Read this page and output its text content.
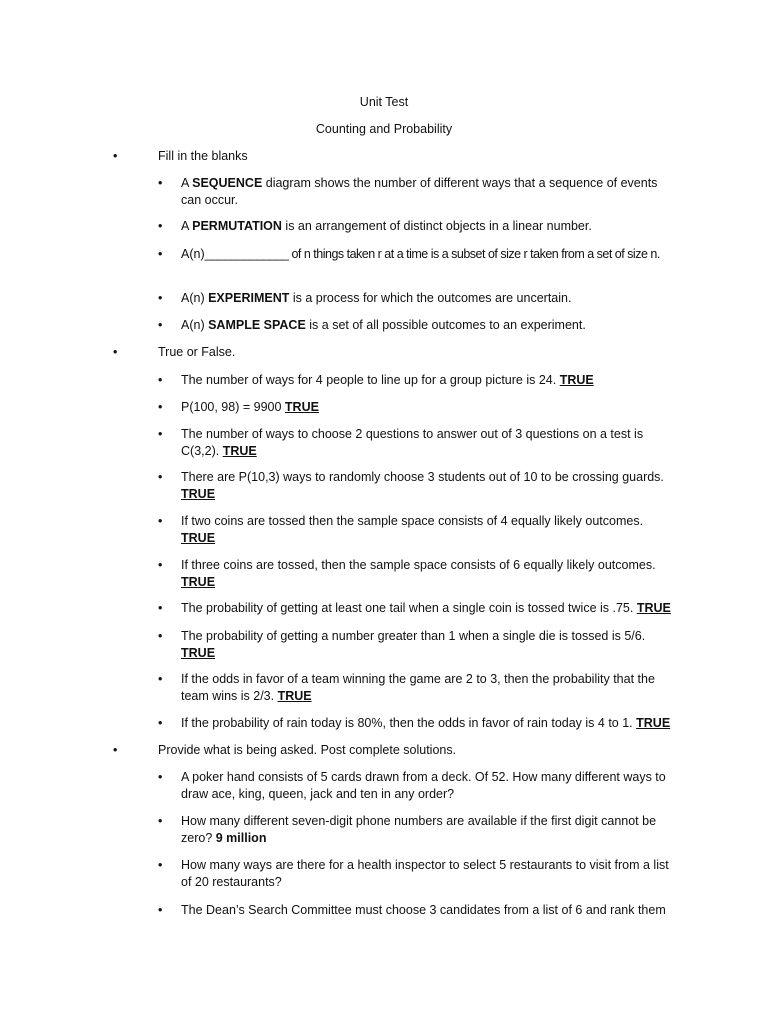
Unit Test
Counting and Probability
•	Fill in the blanks
• A SEQUENCE diagram shows the number of different ways that a sequence of events can occur.
• A PERMUTATION is an arrangement of distinct objects in a linear number.
• A(n)_____________ of n things taken r at a time is a subset of size r taken from a set of size n.
• A(n) EXPERIMENT is a process for which the outcomes are uncertain.
• A(n) SAMPLE SPACE is a set of all possible outcomes to an experiment.
•	True or False.
• The number of ways for 4 people to line up for a group picture is 24. TRUE
• P(100, 98) = 9900 TRUE
• The number of ways to choose 2 questions to answer out of 3 questions on a test is C(3,2). TRUE
• There are P(10,3) ways to randomly choose 3 students out of 10 to be crossing guards. TRUE
• If two coins are tossed then the sample space consists of 4 equally likely outcomes. TRUE
• If three coins are tossed, then the sample space consists of 6 equally likely outcomes. TRUE
• The probability of getting at least one tail when a single coin is tossed twice is .75. TRUE
• The probability of getting a number greater than 1 when a single die is tossed is 5/6. TRUE
• If the odds in favor of a team winning the game are 2 to 3, then the probability that the team wins is 2/3. TRUE
• If the probability of rain today is 80%, then the odds in favor of rain today is 4 to 1. TRUE
•	Provide what is being asked. Post complete solutions.
• A poker hand consists of 5 cards drawn from a deck. Of 52. How many different ways to draw ace, king, queen, jack and ten in any order?
• How many different seven-digit phone numbers are available if the first digit cannot be zero? 9 million
• How many ways are there for a health inspector to select 5 restaurants to visit from a list of 20 restaurants?
• The Dean’s Search Committee must choose 3 candidates from a list of 6 and rank them
